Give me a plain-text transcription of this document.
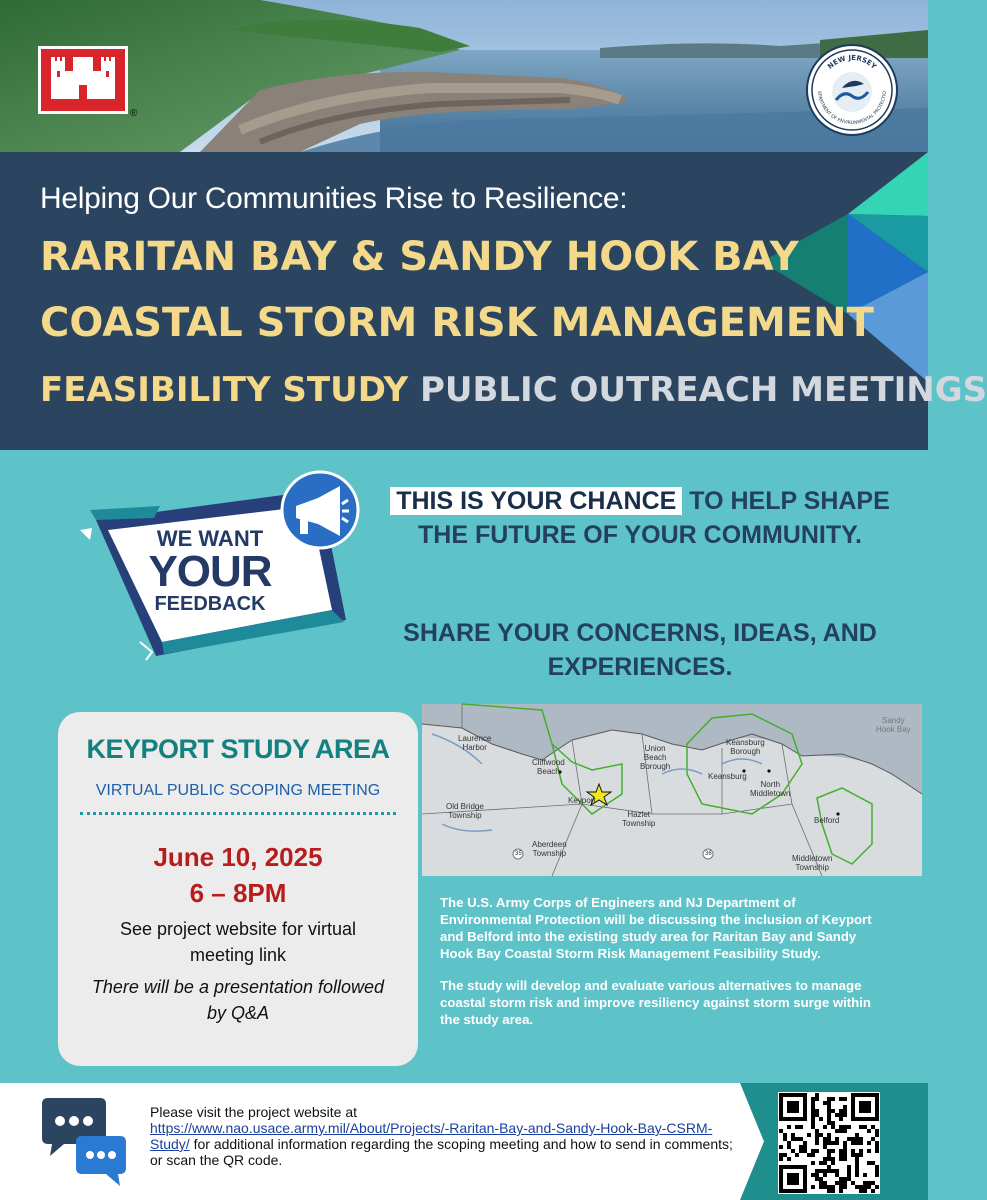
®
NEW JERSEY
EPARTMENT OF ENVIRONMENTAL PROTECTIO
Helping Our Communities Rise to Resilience:
RARITAN BAY & SANDY HOOK BAY
COASTAL STORM RISK MANAGEMENT
FEASIBILITY STUDY PUBLIC OUTREACH MEETINGS
WE WANT
YOUR
FEEDBACK
THIS IS YOUR CHANCE TO HELP SHAPE THE FUTURE OF YOUR COMMUNITY.
SHARE YOUR CONCERNS, IDEAS, AND EXPERIENCES.
KEYPORT STUDY AREA
VIRTUAL PUBLIC SCOPING MEETING
June 10, 2025
6 – 8PM
See project website for virtual meeting link
There will be a presentation followed by Q&A
Laurence
Harbor
Cliffwood
Beach
Keyport
Union
Beach
Borough
Hazlet
Township
Keansburg
Borough
Keansburg
North
Middletown
Old Bridge
Township
Aberdeen
Township
Belford
Middletown
Township
Sandy
Hook Bay
35	36

The U.S. Army Corps of Engineers and NJ Department of Environmental Protection will be discussing the inclusion of Keyport and Belford into the existing study area for Raritan Bay and Sandy Hook Bay Coastal Storm Risk Management Feasibility Study.

The study will develop and evaluate various alternatives to manage coastal storm risk and improve resiliency against storm surge within the study area.

Please visit the project website at
https://www.nao.usace.army.mil/About/Projects/-Raritan-Bay-and-Sandy-Hook-Bay-CSRM-Study/ for additional information regarding the scoping meeting and how to send in comments; or scan the QR code.
